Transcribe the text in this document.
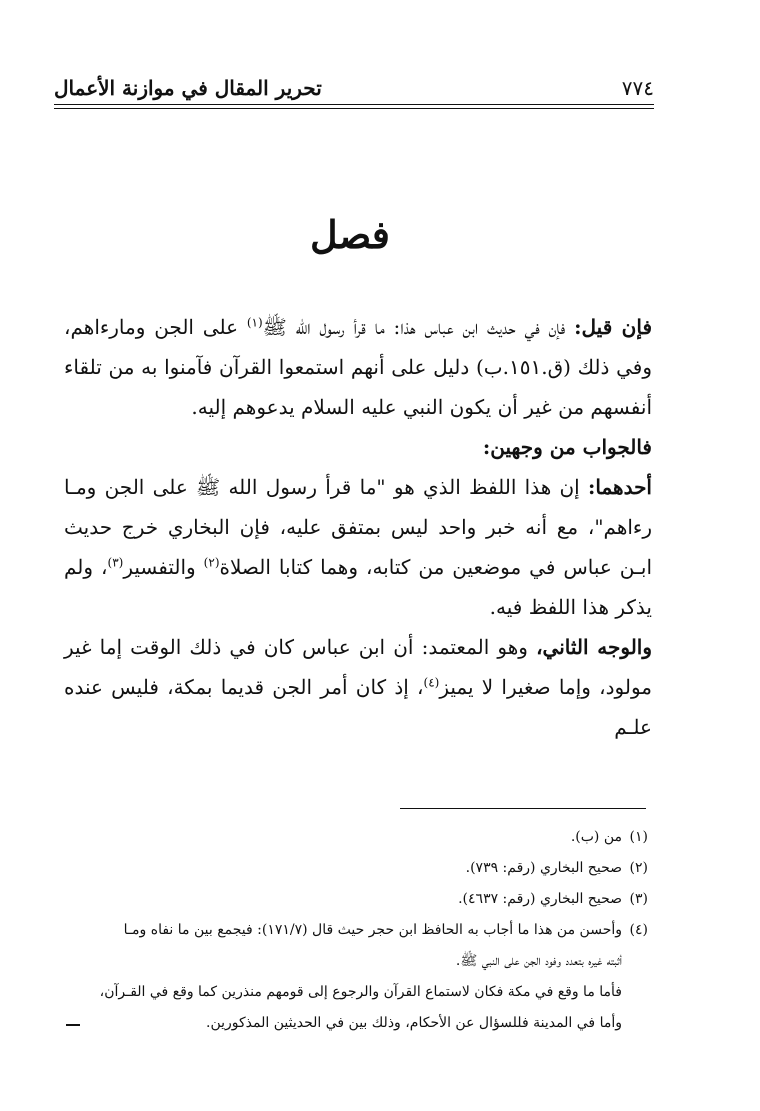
٧٧٤
تحرير المقال في موازنة الأعمال
فصل

فإن قيل: فإن في حديث ابن عباس هذا: ما قرأ رسول الله ﷺ$^{(١)}$ على الجن ومارءاهم، وفي ذلك (ق.١٥١.ب) دليل على أنهم استمعوا القرآن فآمنوا به من تلقاء أنفسهم من غير أن يكون النبي عليه السلام يدعوهم إليه.

فالجواب من وجهين:

أحدهما: إن هذا اللفظ الذي هو "ما قرأ رسول الله ﷺ على الجن ومـا رءاهم"، مع أنه خبر واحد ليس بمتفق عليه، فإن البخاري خرج حديث ابـن عباس في موضعين من كتابه، وهما كتابا الصلاة$^{(٢)}$ والتفسير$^{(٣)}$، ولم يذكر هذا اللفظ فيه.

والوجه الثاني، وهو المعتمد: أن ابن عباس كان في ذلك الوقت إما غير مولود، وإما صغيرا لا يميز$^{(٤)}$، إذ كان أمر الجن قديما بمكة، فليس عنده علـم

(١)من (ب).

(٢)صحيح البخاري (رقم: ٧٣٩).

(٣)صحيح البخاري (رقم: ٤٦٣٧).

(٤)وأحسن من هذا ما أجاب به الحافظ ابن حجر حيث قال (١٧١/٧): فيجمع بين ما نفاه ومـا

أثبته غيره بتعدد وفود الجن على النبي ﷺ.

فأما ما وقع في مكة فكان لاستماع القرآن والرجوع إلى قومهم منذرين كما وقع في القـرآن،

وأما في المدينة فللسؤال عن الأحكام، وذلك بين في الحديثين المذكورين.
